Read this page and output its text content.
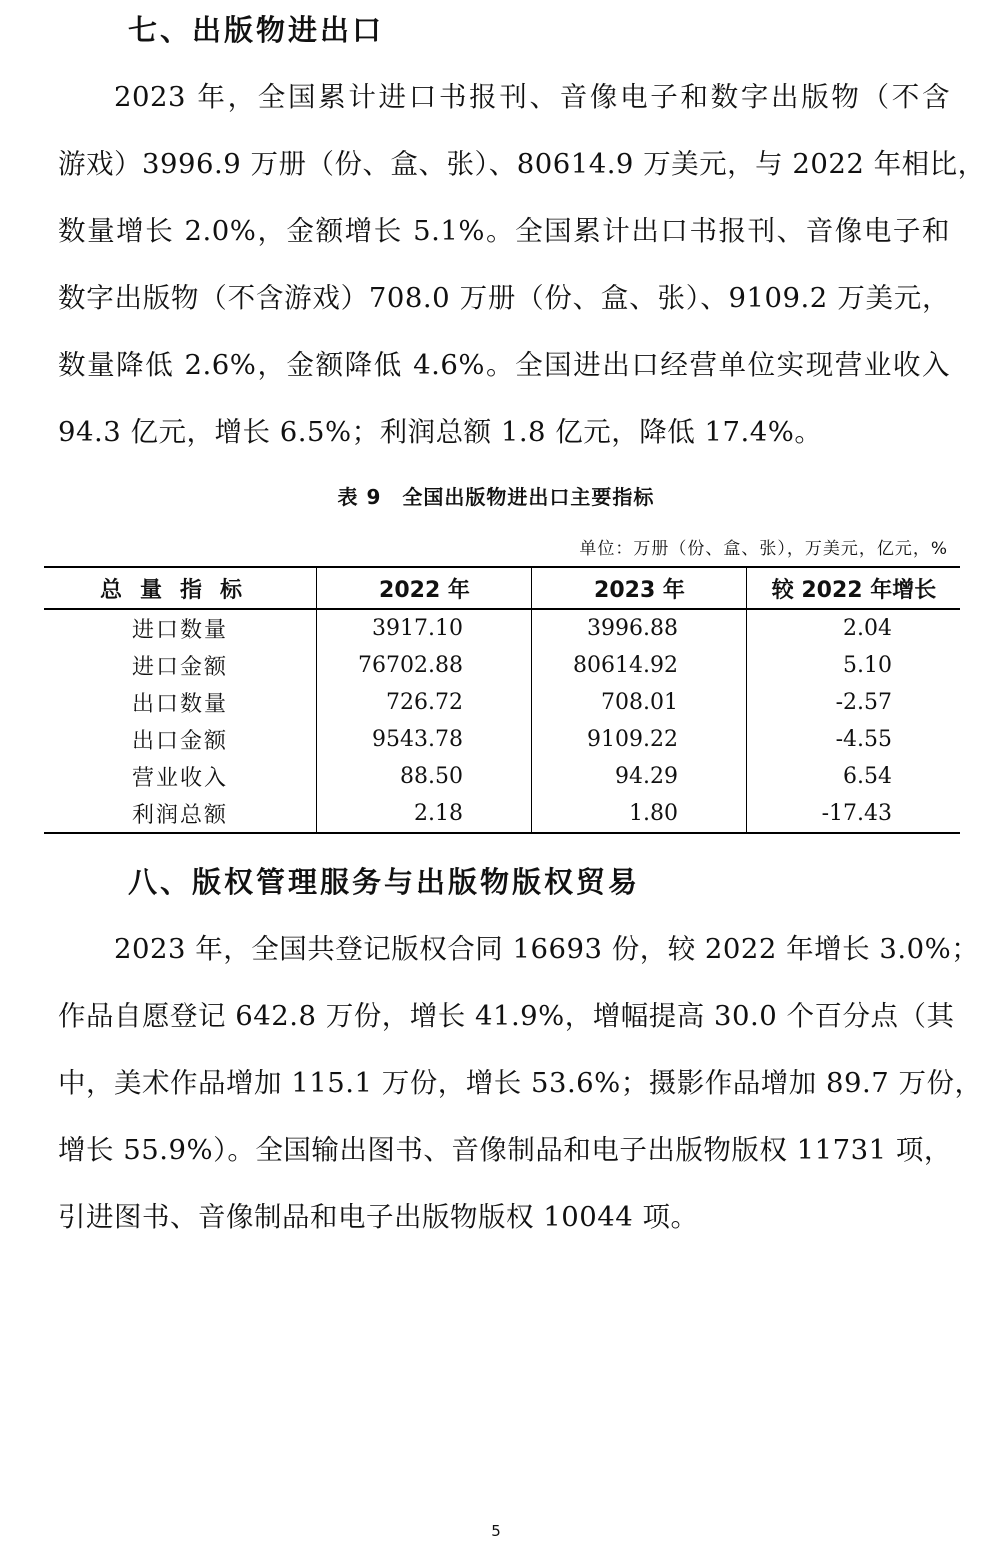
七、出版物进出口
2023 年，全国累计进口书报刊、音像电子和数字出版物（不含
游戏）3996.9 万册（份、盒、张）、80614.9 万美元，与 2022 年相比，
数量增长 2.0%，金额增长 5.1%。全国累计出口书报刊、音像电子和
数字出版物（不含游戏）708.0 万册（份、盒、张）、9109.2 万美元，
数量降低 2.6%，金额降低 4.6%。全国进出口经营单位实现营业收入
94.3 亿元，增长 6.5%；利润总额 1.8 亿元，降低 17.4%。
表 9　全国出版物进出口主要指标
单位：万册（份、盒、张），万美元，亿元，%
总量指标	2022 年	2023 年	较 2022 年增长
进口数量	3917.10	3996.88	2.04
进口金额	76702.88	80614.92	5.10
出口数量	726.72	708.01	-2.57
出口金额	9543.78	9109.22	-4.55
营业收入	88.50	94.29	6.54
利润总额	2.18	1.80	-17.43
八、版权管理服务与出版物版权贸易
2023 年，全国共登记版权合同 16693 份，较 2022 年增长 3.0%；
作品自愿登记 642.8 万份，增长 41.9%，增幅提高 30.0 个百分点（其
中，美术作品增加 115.1 万份，增长 53.6%；摄影作品增加 89.7 万份，
增长 55.9%）。全国输出图书、音像制品和电子出版物版权 11731 项，
引进图书、音像制品和电子出版物版权 10044 项。
5
